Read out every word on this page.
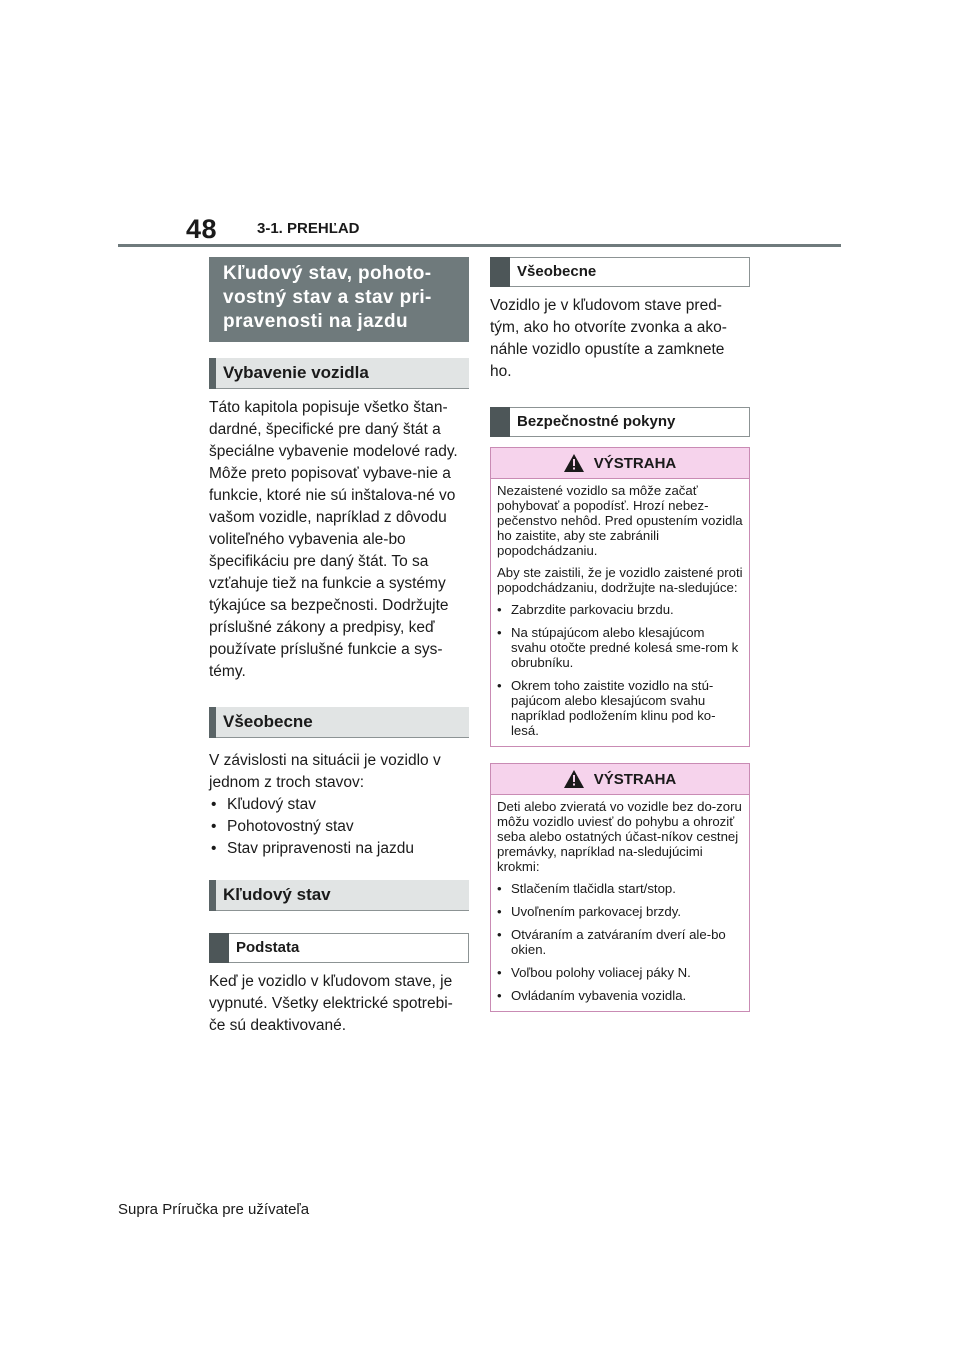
48	3-1. PREHĽAD
Kľudový stav, pohoto-vostný stav a stav pri-pravenosti na jazdu
Vybavenie vozidla

Táto kapitola popisuje všetko štan-dardné, špecifické pre daný štát a špeciálne vybavenie modelové rady. Môže preto popisovať vybave-nie a funkcie, ktoré nie sú inštalova-né vo vašom vozidle, napríklad z dôvodu voliteľného vybavenia ale-bo špecifikáciu pre daný štát. To sa vzťahuje tiež na funkcie a systémy týkajúce sa bezpečnosti. Dodržujte príslušné zákony a predpisy, keď používate príslušné funkcie a sys-témy.

Všeobecne

V závislosti na situácii je vozidlo v jednom z troch stavov:

• Kľudový stav
• Pohotovostný stav
• Stav pripravenosti na jazdu
Kľudový stav
Podstata

Keď je vozidlo v kľudovom stave, je vypnuté. Všetky elektrické spotrebi-če sú deaktivované.

Všeobecne

Vozidlo je v kľudovom stave pred-tým, ako ho otvoríte zvonka a ako-náhle vozidlo opustíte a zamknete ho.

Bezpečnostné pokyny
VÝSTRAHA

Nezaistené vozidlo sa môže začať pohybovať a popodísť. Hrozí nebez-pečenstvo nehôd. Pred opustením vozidla ho zaistite, aby ste zabránili popodchádzaniu.

Aby ste zaistili, že je vozidlo zaistené proti popodchádzaniu, dodržujte na-sledujúce:

• Zabrzdite parkovaciu brzdu.
• Na stúpajúcom alebo klesajúcom svahu otočte predné kolesá sme-rom k obrubníku.
• Okrem toho zaistite vozidlo na stú-pajúcom alebo klesajúcom svahu napríklad podložením klinu pod ko-lesá.
VÝSTRAHA

Deti alebo zvieratá vo vozidle bez do-zoru môžu vozidlo uviesť do pohybu a ohroziť seba alebo ostatných účast-níkov cestnej premávky, napríklad na-sledujúcimi krokmi:

• Stlačením tlačidla start/stop.
• Uvoľnením parkovacej brzdy.
• Otváraním a zatváraním dverí ale-bo okien.
• Voľbou polohy voliacej páky N.
• Ovládaním vybavenia vozidla.
Supra Príručka pre užívateľa
